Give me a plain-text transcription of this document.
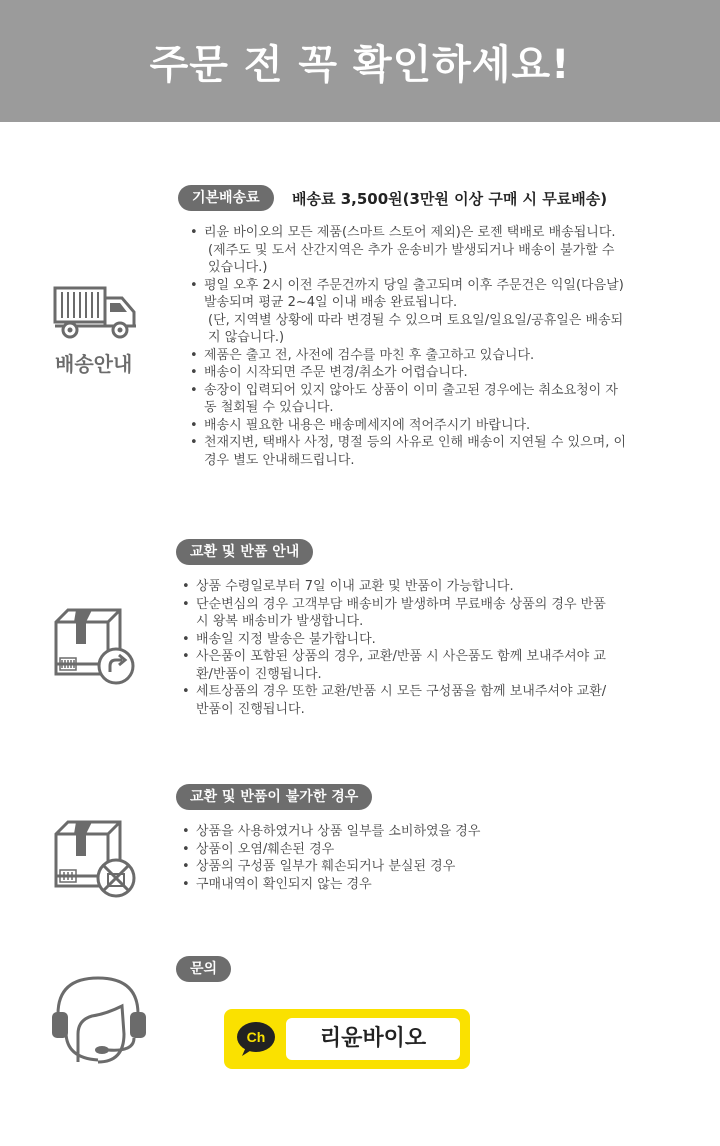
주문 전 꼭 확인하세요!
기본배송료	배송료 3,500원(3만원 이상 구매 시 무료배송)
배송안내
• 리윤 바이오의 모든 제품(스마트 스토어 제외)은 로젠 택배로 배송됩니다.
(제주도 및 도서 산간지역은 추가 운송비가 발생되거나 배송이 불가할 수
있습니다.)
• 평일 오후 2시 이전 주문건까지 당일 출고되며 이후 주문건은 익일(다음날)
발송되며 평균 2~4일 이내 배송 완료됩니다.
(단, 지역별 상황에 따라 변경될 수 있으며 토요일/일요일/공휴일은 배송되
지 않습니다.)
• 제품은 출고 전, 사전에 검수를 마친 후 출고하고 있습니다.
• 배송이 시작되면 주문 변경/취소가 어렵습니다.
• 송장이 입력되어 있지 않아도 상품이 이미 출고된 경우에는 취소요청이 자
동 철회될 수 있습니다.
• 배송시 필요한 내용은 배송메세지에 적어주시기 바랍니다.
• 천재지변, 택배사 사정, 명절 등의 사유로 인해 배송이 지연될 수 있으며, 이
경우 별도 안내해드립니다.
교환 및 반품 안내
• 상품 수령일로부터 7일 이내 교환 및 반품이 가능합니다.
• 단순변심의 경우 고객부담 배송비가 발생하며 무료배송 상품의 경우 반품
시 왕복 배송비가 발생합니다.
• 배송일 지정 발송은 불가합니다.
• 사은품이 포함된 상품의 경우, 교환/반품 시 사은품도 함께 보내주셔야 교
환/반품이 진행됩니다.
• 세트상품의 경우 또한 교환/반품 시 모든 구성품을 함께 보내주셔야 교환/
반품이 진행됩니다.
교환 및 반품이 불가한 경우
• 상품을 사용하였거나 상품 일부를 소비하였을 경우
• 상품이 오염/훼손된 경우
• 상품의 구성품 일부가 훼손되거나 분실된 경우
• 구매내역이 확인되지 않는 경우
문의
Ch	리윤바이오
